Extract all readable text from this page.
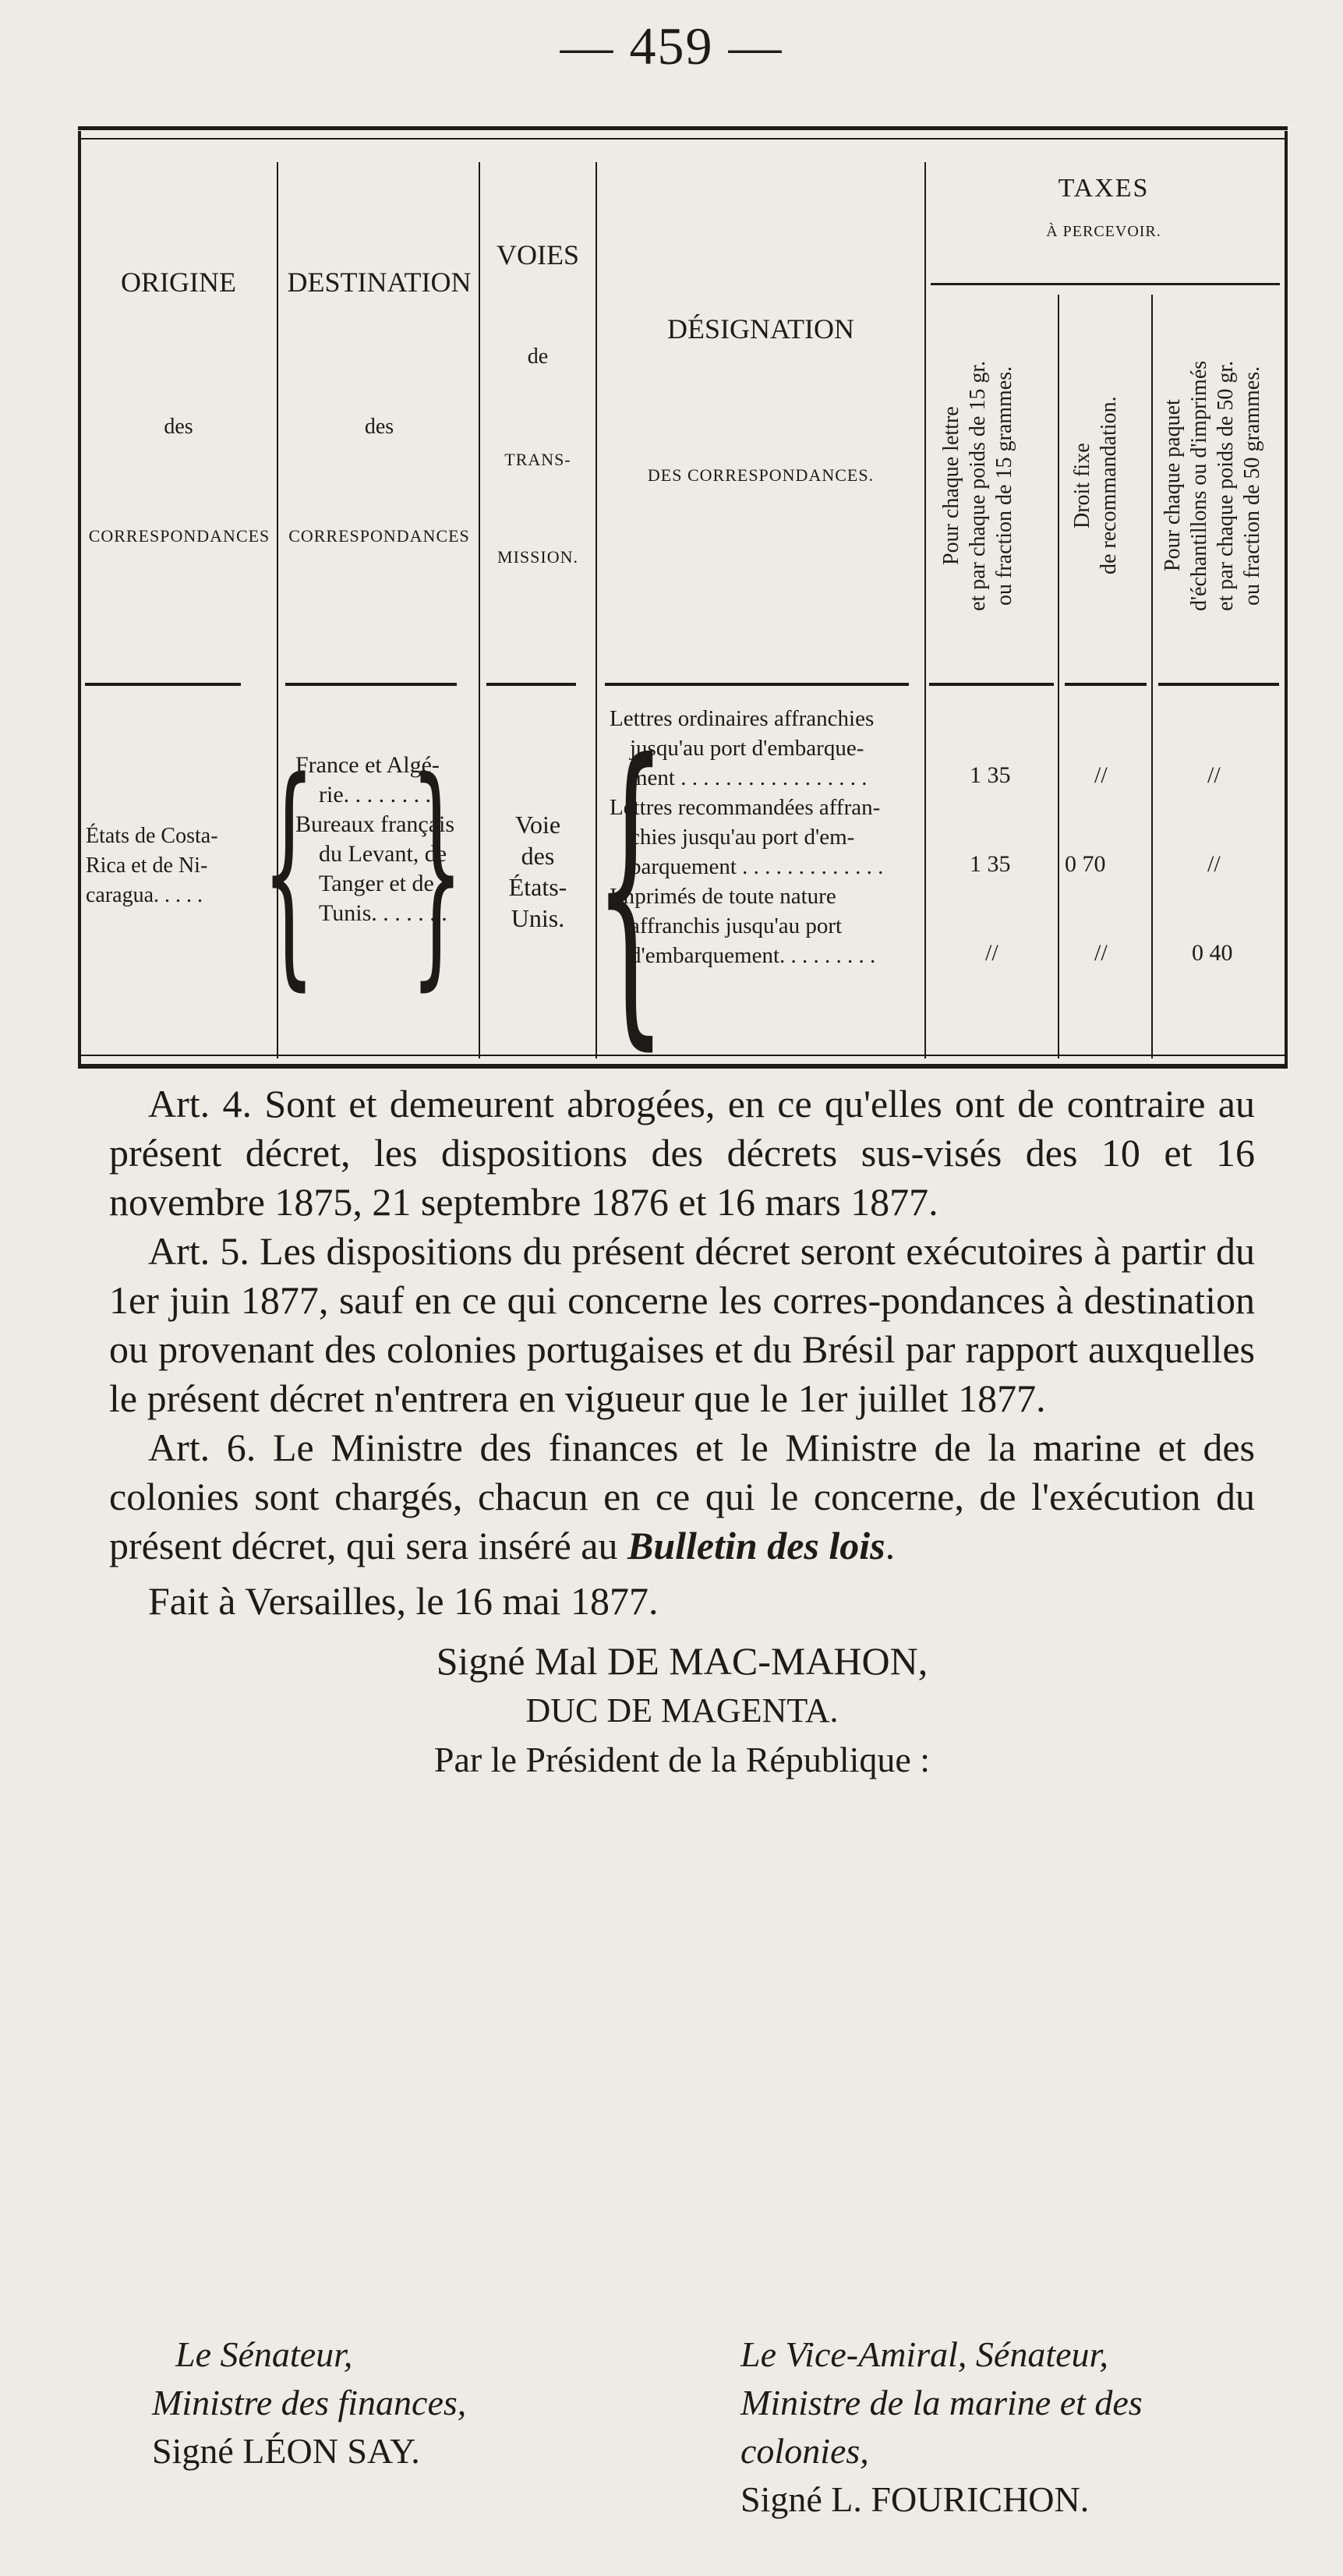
— 459 —
ORIGINE
des
CORRESPONDANCES
DESTINATION
des
CORRESPONDANCES
VOIES
de
TRANS-
MISSION.
DÉSIGNATION
DES CORRESPONDANCES.
TAXES
À PERCEVOIR.
Pour chaque lettre
et par chaque poids de 15 gr.
ou fraction de 15 grammes.
Droit fixe
de recommandation.
Pour chaque paquet
d'échantillons ou d'imprimés
et par chaque poids de 50 gr.
ou fraction de 50 grammes.
États de Costa-
Rica et de Ni-
caragua. . . . . {
France et Algé-
rie. . . . . . . .
Bureaux français
du Levant, de
Tanger et de
Tunis. . . . . . .
{	Voie
des
États-
Unis. {
Lettres ordinaires affranchies
jusqu'au port d'embarque-
ment . . . . . . . . . . . . . . . . .
Lettres recommandées affran-
chies jusqu'au port d'em-
barquement . . . . . . . . . . . . .
Imprimés de toute nature
affranchis jusqu'au port
d'embarquement. . . . . . . . .
1 35
1 35
//
//
0 70
//
//
//
0 40

Art. 4. Sont et demeurent abrogées, en ce qu'elles ont de contraire au présent décret, les dispositions des décrets sus-visés des 10 et 16 novembre 1875, 21 septembre 1876 et 16 mars 1877.

Art. 5. Les dispositions du présent décret seront exécutoires à partir du 1er juin 1877, sauf en ce qui concerne les corres-pondances à destination ou provenant des colonies portugaises et du Brésil par rapport auxquelles le présent décret n'entrera en vigueur que le 1er juillet 1877.

Art. 6. Le Ministre des finances et le Ministre de la marine et des colonies sont chargés, chacun en ce qui le concerne, de l'exécution du présent décret, qui sera inséré au Bulletin des lois.

Fait à Versailles, le 16 mai 1877.

Signé Mal DE MAC-MAHON,

DUC DE MAGENTA.

Par le Président de la République :

Le Sénateur,
Ministre des finances,
Signé LÉON SAY.
Le Vice-Amiral, Sénateur,
Ministre de la marine et des colonies,
Signé L. FOURICHON.
